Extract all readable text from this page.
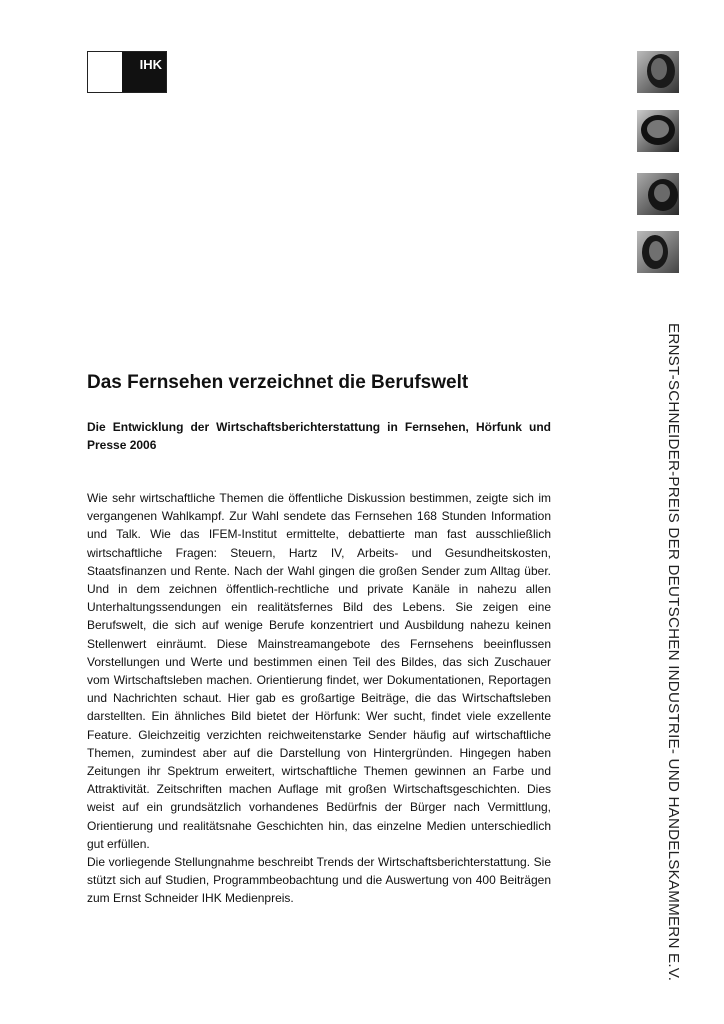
IHK
ERNST-SCHNEIDER-PREIS DER DEUTSCHEN INDUSTRIE- UND HANDELSKAMMERN E.V.
Das Fernsehen verzeichnet die Berufswelt

Die Entwicklung der Wirtschaftsberichterstattung in Fernsehen, Hörfunk und Presse 2006

Wie sehr wirtschaftliche Themen die öffentliche Diskussion bestimmen, zeigte sich im vergangenen Wahlkampf. Zur Wahl sendete das Fernsehen 168 Stunden Information und Talk. Wie das IFEM-Institut ermittelte, debattierte man fast ausschließlich wirtschaftliche Fragen: Steuern, Hartz IV, Arbeits- und Gesundheitskosten, Staatsfinanzen und Rente. Nach der Wahl gingen die großen Sender zum Alltag über. Und in dem zeichnen öffentlich-rechtliche und private Kanäle in nahezu allen Unterhaltungssendungen ein realitätsfernes Bild des Lebens. Sie zeigen eine Berufswelt, die sich auf wenige Berufe konzentriert und Ausbildung nahezu keinen Stellenwert einräumt. Diese Mainstreamangebote des Fernsehens beeinflussen Vorstellungen und Werte und bestimmen einen Teil des Bildes, das sich Zuschauer vom Wirtschaftsleben machen. Orientierung findet, wer Dokumentationen, Reportagen und Nachrichten schaut. Hier gab es großartige Beiträge, die das Wirtschaftsleben darstellten. Ein ähnliches Bild bietet der Hörfunk: Wer sucht, findet viele exzellente Feature. Gleichzeitig verzichten reichweitenstarke Sender häufig auf wirtschaftliche Themen, zumindest aber auf die Darstellung von Hintergründen. Hingegen haben Zeitungen ihr Spektrum erweitert, wirtschaftliche Themen gewinnen an Farbe und Attraktivität. Zeitschriften machen Auflage mit großen Wirtschaftsgeschichten. Dies weist auf ein grundsätzlich vorhandenes Bedürfnis der Bürger nach Vermittlung, Orientierung und realitätsnahe Geschichten hin, das einzelne Medien unterschiedlich gut erfüllen.

Die vorliegende Stellungnahme beschreibt Trends der Wirtschaftsberichterstattung. Sie stützt sich auf Studien, Programmbeobachtung und die Auswertung von 400 Beiträgen zum Ernst Schneider IHK Medienpreis.
